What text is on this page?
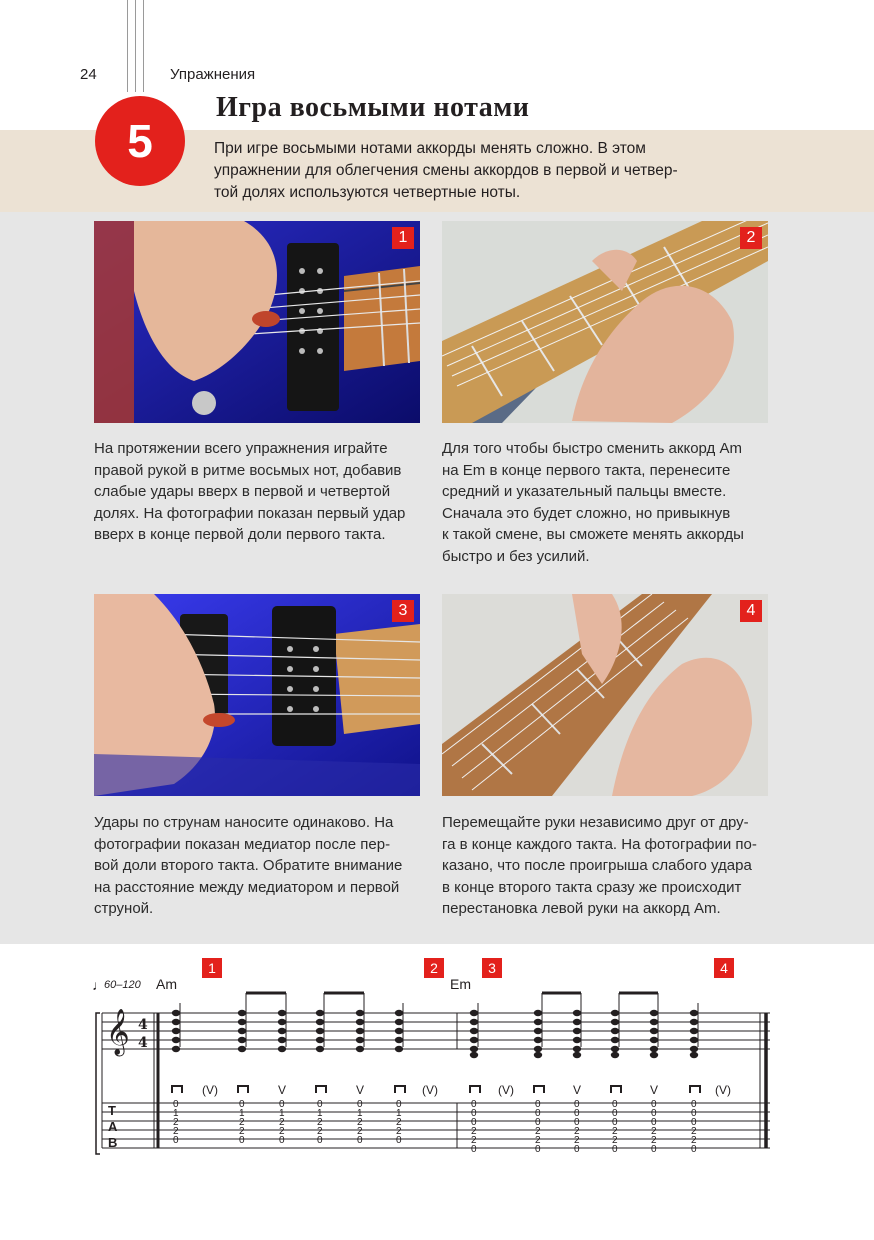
24	Упражнения
5
Игра восьмыми нотами
При игре восьмыми нотами аккорды менять сложно. В этом
упражнении для облегчения смены аккордов в первой и четвер-
той долях используются четвертные ноты.
1	2
На протяжении всего упражнения играйте
правой рукой в ритме восьмых нот, добавив
слабые удары вверх в первой и четвертой
долях. На фотографии показан первый удар
вверх в конце первой доли первого такта.
Для того чтобы быстро сменить аккорд Am
на Em в конце первого такта, перенесите
средний и указательный пальцы вместе.
Сначала это будет сложно, но привыкнув
к такой смене, вы сможете менять аккорды
быстро и без усилий.
3	4
Удары по струнам наносите одинаково. На
фотографии показан медиатор после пер-
вой доли второго такта. Обратите внимание
на расстояние между медиатором и первой
струной.
Перемещайте руки независимо друг от дру-
га в конце каждого такта. На фотографии по-
казано, что после проигрыша слабого удара
в конце второго такта сразу же происходит
перестановка левой руки на аккорд Am.
1	2	3	4
♩
60–120 Am	Em
𝄞 4
4
T
A
B
0
1
2
2
0
0
1
2
2
0
V
0
1
2
2
0
0
1
2
2
0
V
0
1
2
2
0
0
1
2
2
0
0
0
0
2
2
0
0
0
0
2
2
0
V
0
0
0
2
2
0
0
0
0
2
2
0
V
0
0
0
2
2
0
0
0
0
2
2
0
(V)	(V)	(V)	(V)
